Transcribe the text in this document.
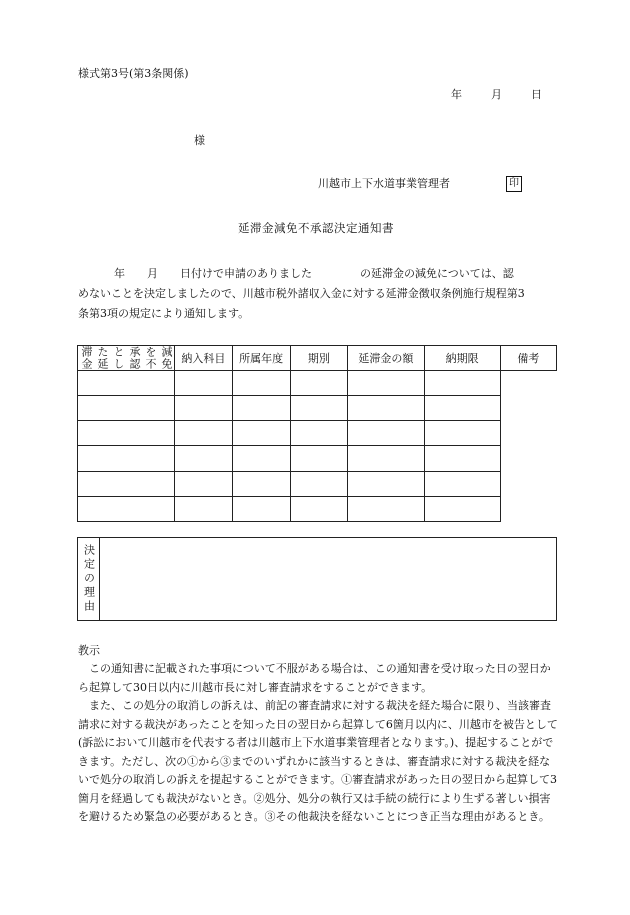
様式第3号(第3条関係)
年	月	日
様
川越市上下水道事業管理者	印
延滞金減免不承認決定通知書

年 月 日付けで申請のありました	の延滞金の減免については、認

めないことを決定しましたので、川越市税外諸収入金に対する延滞金徴収条例施行規程第3

条第3項の規定により通知します。

減免を不承認とした延滞金	納入科目	所属年度	期別	延滞金の額	納期限	備考

決定の理由

教示

この通知書に記載された事項について不服がある場合は、この通知書を受け取った日の翌日から起算して30日以内に川越市長に対し審査請求をすることができます。

また、この処分の取消しの訴えは、前記の審査請求に対する裁決を経た場合に限り、当該審査請求に対する裁決があったことを知った日の翌日から起算して6箇月以内に、川越市を被告として(訴訟において川越市を代表する者は川越市上下水道事業管理者となります。)、提起することができます。ただし、次の①から③までのいずれかに該当するときは、審査請求に対する裁決を経ないで処分の取消しの訴えを提起することができます。①審査請求があった日の翌日から起算して3箇月を経過しても裁決がないとき。②処分、処分の執行又は手続の続行により生ずる著しい損害を避けるため緊急の必要があるとき。③その他裁決を経ないことにつき正当な理由があるとき。
